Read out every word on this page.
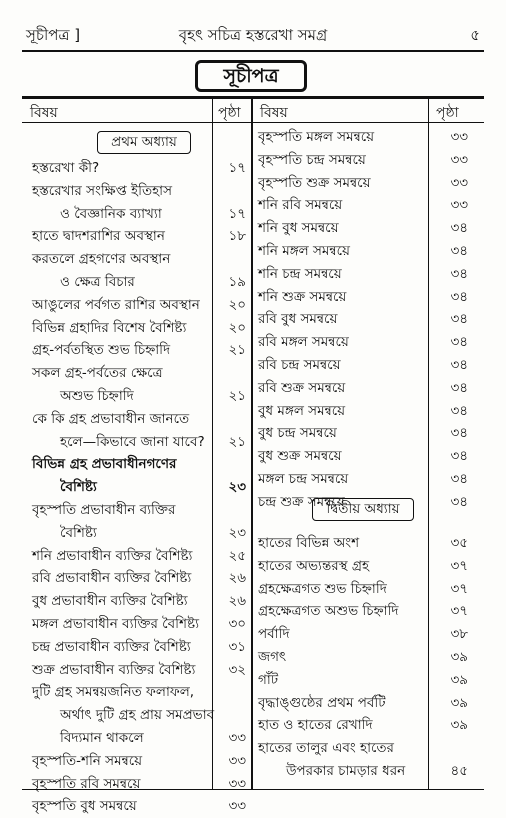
সূচীপত্র ]	বৃহৎ সচিত্র হস্তরেখা সমগ্র	৫
সূচীপত্র
বিষয়	পৃষ্ঠা বিষয়	পৃষ্ঠা
প্রথম অধ্যায়
হস্তরেখা কী?	১৭
হস্তরেখার সংক্ষিপ্ত ইতিহাস
ও বৈজ্ঞানিক ব্যাখ্যা	১৭
হাতে দ্বাদশরাশির অবস্থান	১৮
করতলে গ্রহগণের অবস্থান
ও ক্ষেত্র বিচার	১৯
আঙুলের পর্বগত রাশির অবস্থান	২০
বিভিন্ন গ্রহাদির বিশেষ বৈশিষ্ট্য	২০
গ্রহ-পর্বতস্থিত শুভ চিহ্নাদি	২১
সকল গ্রহ-পর্বতের ক্ষেত্রে
অশুভ চিহ্নাদি	২১
কে কি গ্রহ প্রভাবাধীন জানতে
হলে—কিভাবে জানা যাবে?	২১
বিভিন্ন গ্রহ প্রভাবাধীনগণের
বৈশিষ্ট্য	২৩
বৃহস্পতি প্রভাবাধীন ব্যক্তির
বৈশিষ্ট্য	২৩
শনি প্রভাবাধীন ব্যক্তির বৈশিষ্ট্য	২৫
রবি প্রভাবাধীন ব্যক্তির বৈশিষ্ট্য	২৬
বুধ প্রভাবাধীন ব্যক্তির বৈশিষ্ট্য	২৬
মঙ্গল প্রভাবাধীন ব্যক্তির বৈশিষ্ট্য	৩০
চন্দ্র প্রভাবাধীন ব্যক্তির বৈশিষ্ট্য	৩১
শুক্র প্রভাবাধীন ব্যক্তির বৈশিষ্ট্য	৩২
দুটি গ্রহ সমন্বয়জনিত ফলাফল,
অর্থাৎ দুটি গ্রহ প্রায় সমপ্রভাব
বিদ্যমান থাকলে	৩৩
বৃহস্পতি-শনি সমন্বয়ে	৩৩
বৃহস্পতি রবি সমন্বয়ে	৩৩
বৃহস্পতি বুধ সমন্বয়ে	৩৩
বৃহস্পতি মঙ্গল সমন্বয়ে	৩৩
বৃহস্পতি চন্দ্র সমন্বয়ে	৩৩
বৃহস্পতি শুক্র সমন্বয়ে	৩৩
শনি রবি সমন্বয়ে	৩৩
শনি বুধ সমন্বয়ে	৩৪
শনি মঙ্গল সমন্বয়ে	৩৪
শনি চন্দ্র সমন্বয়ে	৩৪
শনি শুক্র সমন্বয়ে	৩৪
রবি বুধ সমন্বয়ে	৩৪
রবি মঙ্গল সমন্বয়ে	৩৪
রবি চন্দ্র সমন্বয়ে	৩৪
রবি শুক্র সমন্বয়ে	৩৪
বুধ মঙ্গল সমন্বয়ে	৩৪
বুধ চন্দ্র সমন্বয়ে	৩৪
বুধ শুক্র সমন্বয়ে	৩৪
মঙ্গল চন্দ্র সমন্বয়ে	৩৪
চন্দ্র শুক্র সমন্বয়ে	৩৪
দ্বিতীয় অধ্যায়
হাতের বিভিন্ন অংশ	৩৫
হাতের অভ্যন্তরস্থ গ্রহ	৩৭
গ্রহক্ষেত্রগত শুভ চিহ্নাদি	৩৭
গ্রহক্ষেত্রগত অশুভ চিহ্নাদি	৩৭
পর্বাদি	৩৮
জগৎ	৩৯
গাঁট	৩৯
বৃদ্ধাঙ্গুষ্ঠের প্রথম পর্বটি	৩৯
হাত ও হাতের রেখাদি	৩৯
হাতের তালুর এবং হাতের
উপরকার চামড়ার ধরন	৪৫
